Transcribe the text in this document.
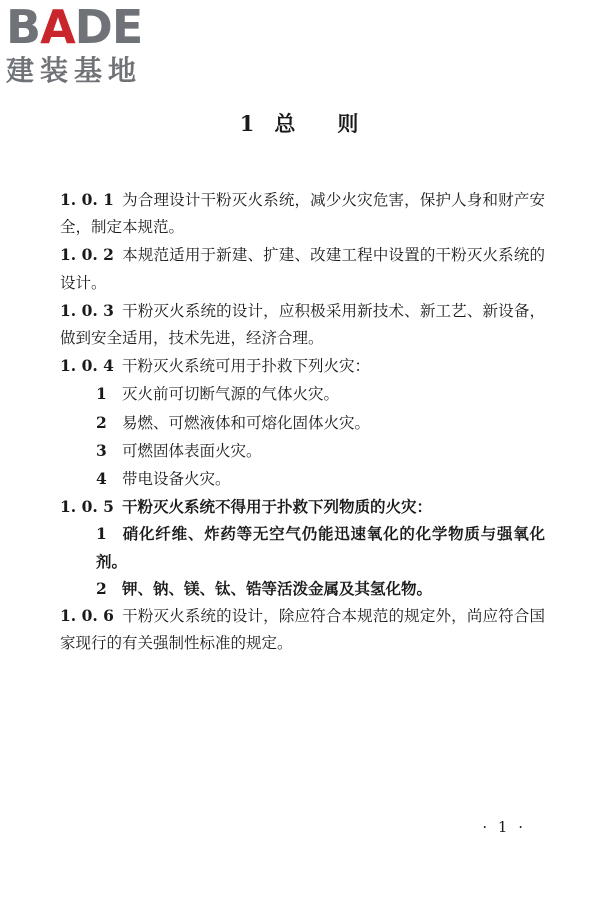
BADE
建装基地
1 总 则

1. 0. 1 为合理设计干粉灭火系统，减少火灾危害，保护人身和财产安全，制定本规范。

1. 0. 2 本规范适用于新建、扩建、改建工程中设置的干粉灭火系统的设计。

1. 0. 3 干粉灭火系统的设计，应积极采用新技术、新工艺、新设备，做到安全适用，技术先进，经济合理。

1. 0. 4 干粉灭火系统可用于扑救下列火灾：

1 灭火前可切断气源的气体火灾。

2 易燃、可燃液体和可熔化固体火灾。

3 可燃固体表面火灾。

4 带电设备火灾。

1. 0. 5 干粉灭火系统不得用于扑救下列物质的火灾：

1 硝化纤维、炸药等无空气仍能迅速氧化的化学物质与强氧化剂。

2 钾、钠、镁、钛、锆等活泼金属及其氢化物。

1. 0. 6 干粉灭火系统的设计，除应符合本规范的规定外，尚应符合国家现行的有关强制性标准的规定。

· 1 ·
